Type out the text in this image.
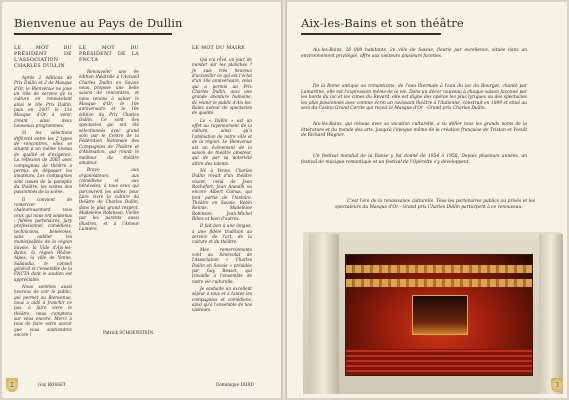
Bienvenue au Pays de Dullin
LE MOT DU PRÉSIDENT DE L'ASSOCIATION CHARLES DULLIN

Après 2 éditions de Prix Dullin et 2 de Masque d'Or, le Bienvenue ne joue un rôle de service de la culture en renouvelant ainsi le 10e Prix Dullin, puis en 2007 le 11e Masque d'Or à venir, créant ainsi deux nouveaux programmes.

Si les sélections diffèrent entre les 2 types de rencontres, elles se situent à un même niveau de qualité et d'exigence. La réflexion de 2005 avec compagnies de théâtre a permis de dépasser les amateurs. Les compagnies sont issues de la panoplie du théâtre, les visites des passionnés de la scène.

Il convient de remercier chaleureusement tous ceux qui nous ont soutenus : fidèles partenaires, jury professionnel, comédiens, techniciens, bénévoles, sans oublier les municipalités de la région Savoie, la Ville d'Aix-les-Bains, la région Rhône-Alpes, la ville de Yenne, Sabaudia, le conseil général et l'ensemble de la FNCTA dont le soutien est appréciable.

Nous sommes aussi heureux de voir le public, qui permet au Bienvenue, nous a aidé à franchir ce pas, à faire vivre le théâtre, nous comptons sur vous encore. Merci à tous de faire votre avenir que vous soutiendrez encore !

Guy ROSSET
LE MOT DU PRÉSIDENT DE LA FNCTA

Renouveler une 9e édition théâtrale à l'Accueil Charles Dullin en Savoie nous propose une belle saison de rencontres, et nous tenons à saluer le Masque d'Or, le 10e anniversaire et le 10e édition du Prix Charles Dullin. Ce sont des spectacles qui ont été sélectionnés avec grand soin par le Centre de la Fédération Nationale des Compagnies de Théâtre et d'Animation, qui réunit le meilleur du théâtre amateur.

Bravo aux organisateurs, aux comédiens et aux bénévoles, à tous ceux qui parcourent les salles, pour faire vivre la culture du théâtre de Charles Dullin, dans le plus grand respect, Madeleine Robinson, Vieille par les parents aussi illustres, et à l'Amour Lumière.

Patrick SCHOENSTEIN
LE MOT DU MAIRE

Qui n'a rêvé, un jour, de monter sur les planches ? Je suis très heureux d'accueillir ce qui est l'éclat d'un 10e anniversaire, celui qui a permis au Prix Charles Dullin, avec une grande aventure humaine, de réunir le public d'Aix-les-Bains autour de spectacles de qualité.

Le « Dullin » est un effet au rayonnement de la culture, ainsi qu'à l'animation de notre ville et de la région. Le Bienvenue est un évènement de la saison de théâtre amateur, qui de par sa notoriété attire des talents.

Né à Yenne, Charles Dullin rêvait d'un théâtre vivant, celui de Jean Rochefort, Jean Anouilh ou encore Albert Camus, qui font partie de l'histoire. Théâtre en Savoie, Robin Rennie, Madeleine Robinson, Jean-Michel Ribes et bien d'autres.

Il fait bon à une longue, à une fidèle tradition au service de l'art, de la culture et du théâtre.

Mes remerciements vont au bénévolat de l'Association « Charles Dullin en Savoie » présidée par Guy Rosset, qui travaille à l'ensemble de notre vie culturelle.

Je souhaite un excellent séjour à tous et à toutes les compagnies et comédiens, ainsi qu'à l'ensemble de nos visiteurs.

Dominique DORD
2
Aix-les-Bains et son théâtre

Aix-les-Bains, 26 000 habitants, 2e ville de Savoie, fleurie par excellence, située dans un environnement privilégié, offre aux visiteurs plusieurs facettes.

De la Rome antique au romantisme, de l'eau thermale à l'eau du lac du Bourget, chanté par Lamartine, elle est l'expression même de la vie. Dans un décor nouveau à chaque saison façonné par les bords du lac et les cimes du Revard, elle est digne des opéras les plus lyriques ou des spectacles les plus passionnés avec comme écrin un ravissant théâtre à l'italienne, construit en 1899 et situé au sein du Casino Grand Cercle qui reçoit le Masque d'Or - Grand prix Charles Dullin.

Aix-les-Bains, qui renoue avec sa vocation culturelle, a su défier tous les grands noms de la littérature et du monde des arts, jusqu'à l'époque même de la création française de Tristan et Yseult de Richard Wagner.

Un festival mondial de la Danse y fut donné de 1954 à 1958. Depuis plusieurs années, un festival de musique romantique et un festival de l'Opérette s'y développent.

C'est l'ère de la renaissance culturelle. Tous les partenaires publics ou privés et les spectateurs du Masque d'Or - Grand prix Charles Dullin participent à ce renouveau.

3
